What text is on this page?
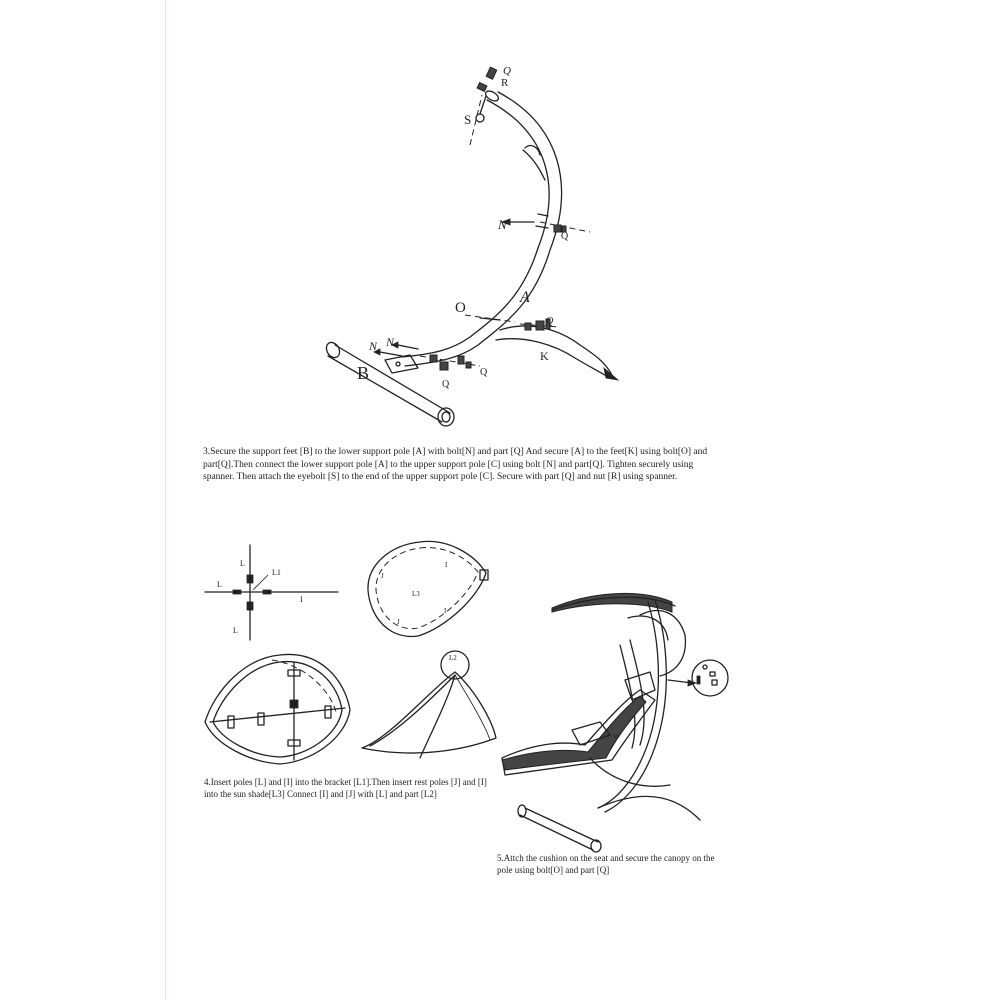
Q
R
S
N
Q
O
A
Q
K
N N
B
Q
Q

3.Secure the support feet [B] to the lower support pole [A] with bolt[N] and part [Q] And secure [A] to the feet[K] using bolt[O] and part[Q].Then connect the lower support pole [A] to the upper support pole [C] using bolt [N] and part[Q]. Tighten securely using spanner. Then attach the eyebolt [S] to the end of the upper support pole [C]. Secure with part [Q] and nut [R] using spanner.

L
L1
L
I
L
J
I
L3
I
J
L2
W

4.Insert poles [L] and [I] into the bracket [L1].Then insert rest poles [J] and [I] into the sun shade[L3] Connect [I] and [J] with [L] and part [L2]

5.Attch the cushion on the seat and secure the canopy on the pole using bolt[O] and part [Q]
